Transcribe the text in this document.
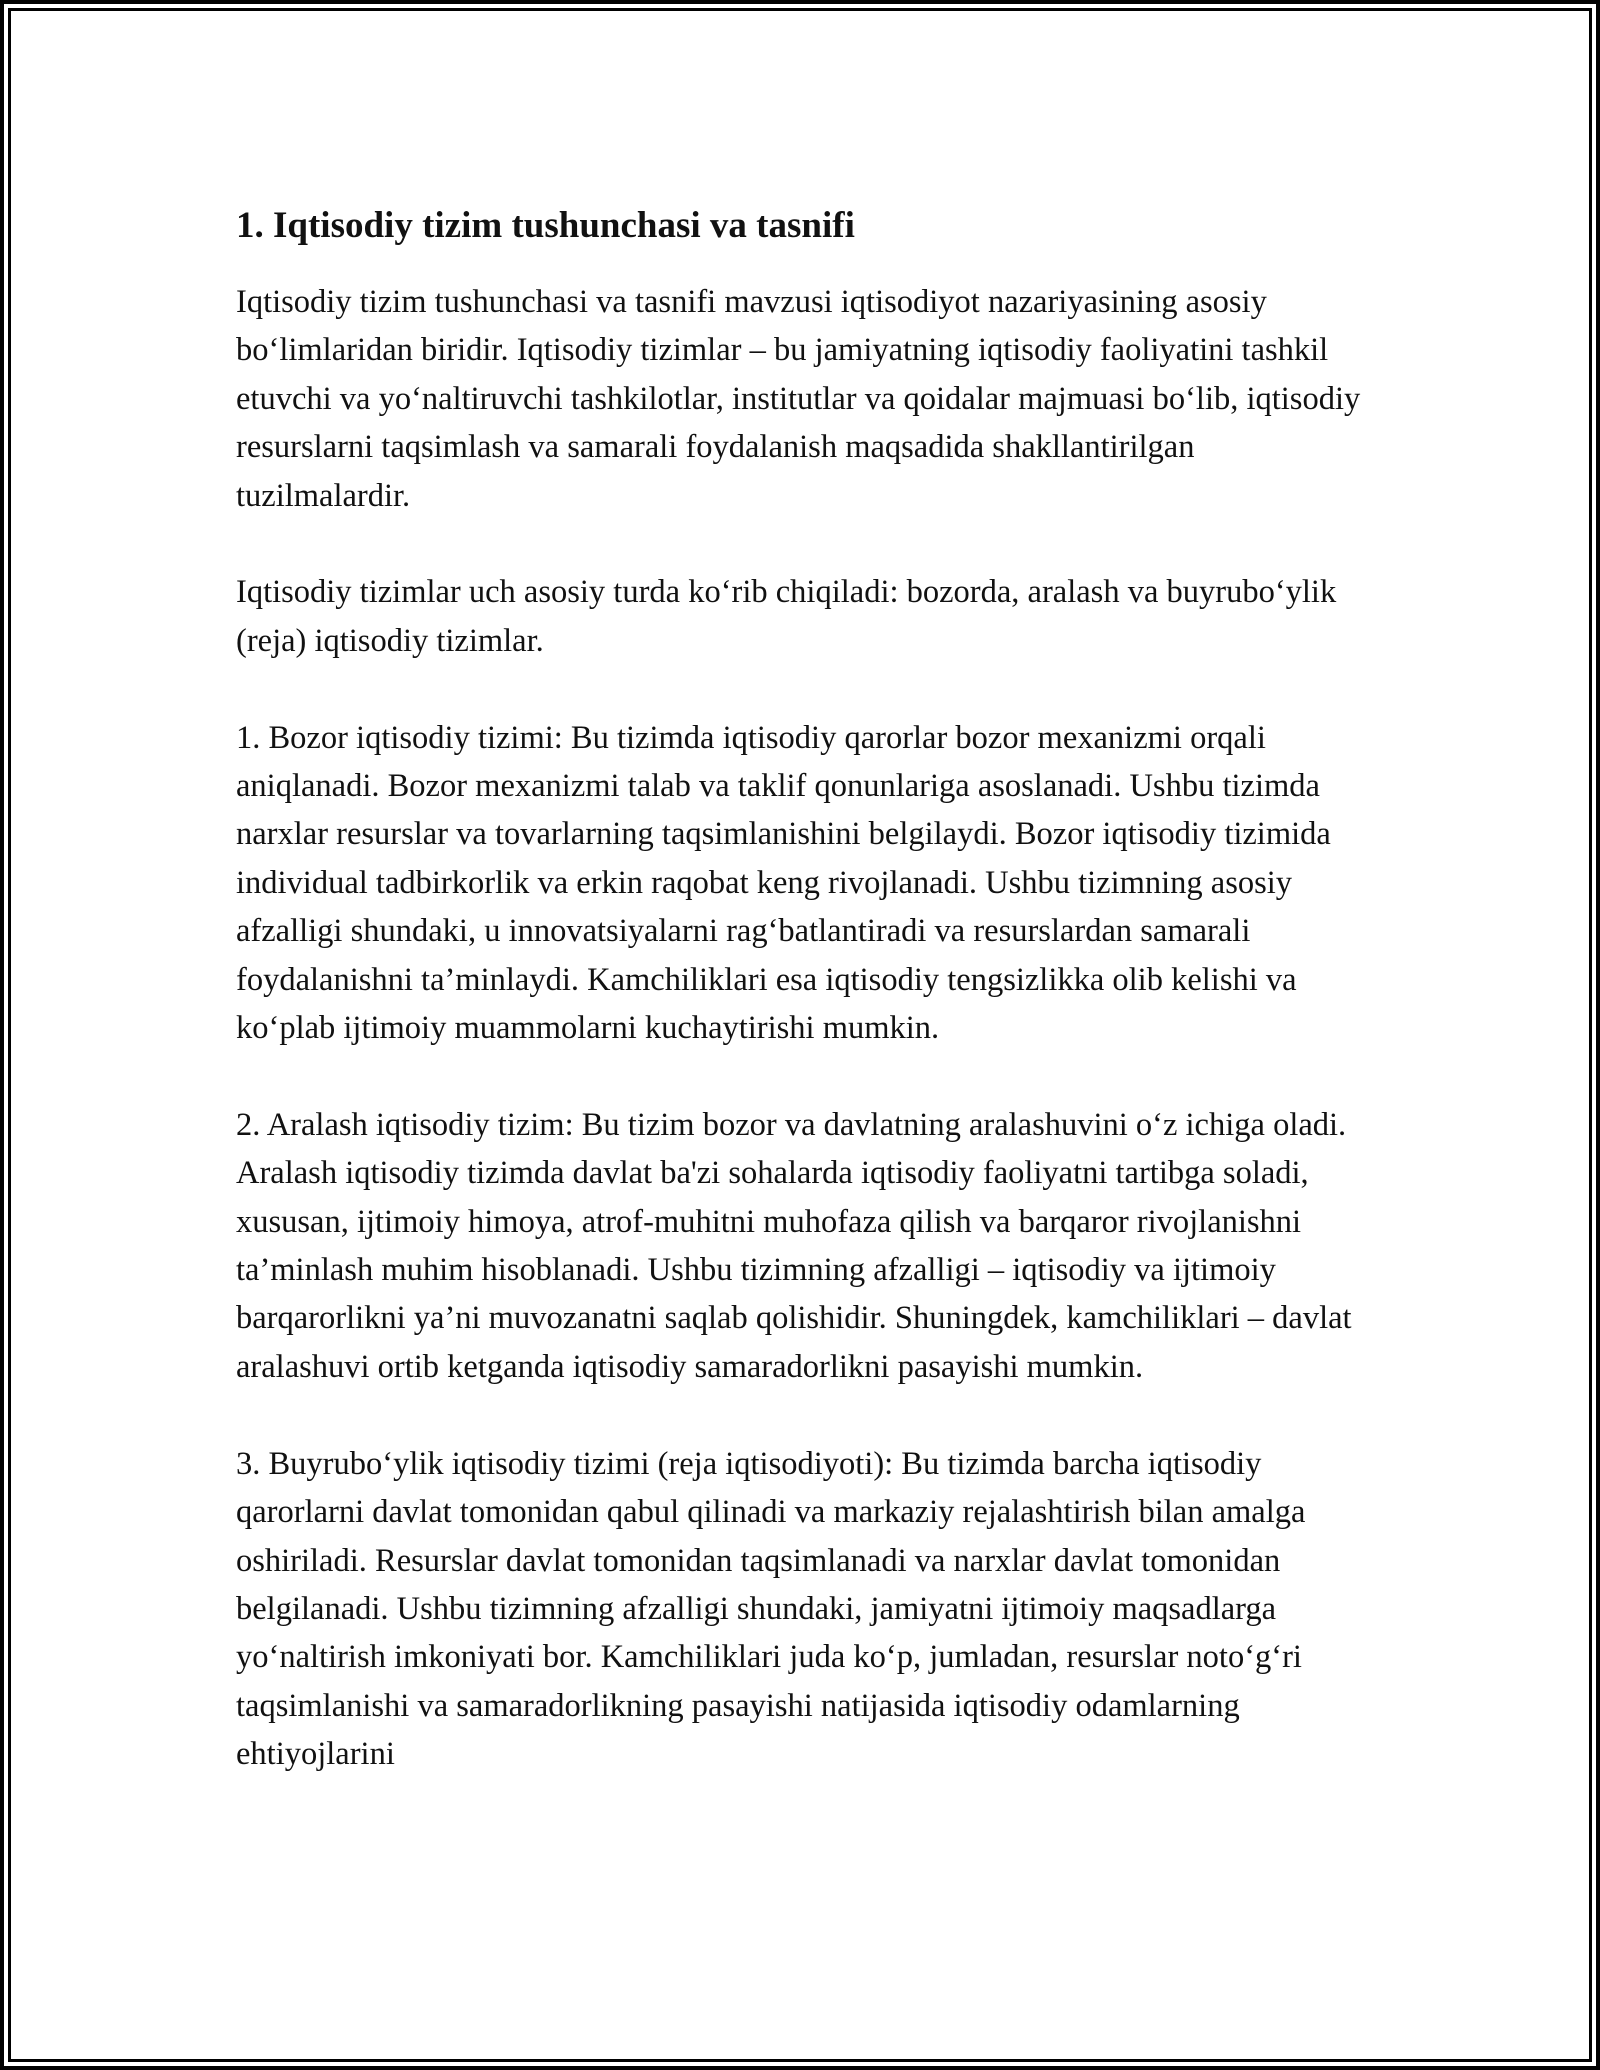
1. Iqtisodiy tizim tushunchasi va tasnifi

Iqtisodiy tizim tushunchasi va tasnifi mavzusi iqtisodiyot nazariyasining asosiy bo‘limlaridan biridir. Iqtisodiy tizimlar – bu jamiyatning iqtisodiy faoliyatini tashkil etuvchi va yo‘naltiruvchi tashkilotlar, institutlar va qoidalar majmuasi bo‘lib, iqtisodiy resurslarni taqsimlash va samarali foydalanish maqsadida shakllantirilgan tuzilmalardir.

Iqtisodiy tizimlar uch asosiy turda ko‘rib chiqiladi: bozorda, aralash va buyrubo‘ylik (reja) iqtisodiy tizimlar.

1. Bozor iqtisodiy tizimi: Bu tizimda iqtisodiy qarorlar bozor mexanizmi orqali aniqlanadi. Bozor mexanizmi talab va taklif qonunlariga asoslanadi. Ushbu tizimda narxlar resurslar va tovarlarning taqsimlanishini belgilaydi. Bozor iqtisodiy tizimida individual tadbirkorlik va erkin raqobat keng rivojlanadi. Ushbu tizimning asosiy afzalligi shundaki, u innovatsiyalarni rag‘batlantiradi va resurslardan samarali foydalanishni ta’minlaydi. Kamchiliklari esa iqtisodiy tengsizlikka olib kelishi va ko‘plab ijtimoiy muammolarni kuchaytirishi mumkin.

2. Aralash iqtisodiy tizim: Bu tizim bozor va davlatning aralashuvini o‘z ichiga oladi. Aralash iqtisodiy tizimda davlat ba'zi sohalarda iqtisodiy faoliyatni tartibga soladi, xususan, ijtimoiy himoya, atrof-muhitni muhofaza qilish va barqaror rivojlanishni ta’minlash muhim hisoblanadi. Ushbu tizimning afzalligi – iqtisodiy va ijtimoiy barqarorlikni ya’ni muvozanatni saqlab qolishidir. Shuningdek, kamchiliklari – davlat aralashuvi ortib ketganda iqtisodiy samaradorlikni pasayishi mumkin.

3. Buyrubo‘ylik iqtisodiy tizimi (reja iqtisodiyoti): Bu tizimda barcha iqtisodiy qarorlarni davlat tomonidan qabul qilinadi va markaziy rejalashtirish bilan amalga oshiriladi. Resurslar davlat tomonidan taqsimlanadi va narxlar davlat tomonidan belgilanadi. Ushbu tizimning afzalligi shundaki, jamiyatni ijtimoiy maqsadlarga yo‘naltirish imkoniyati bor. Kamchiliklari juda ko‘p, jumladan, resurslar noto‘g‘ri taqsimlanishi va samaradorlikning pasayishi natijasida iqtisodiy odamlarning ehtiyojlarini
